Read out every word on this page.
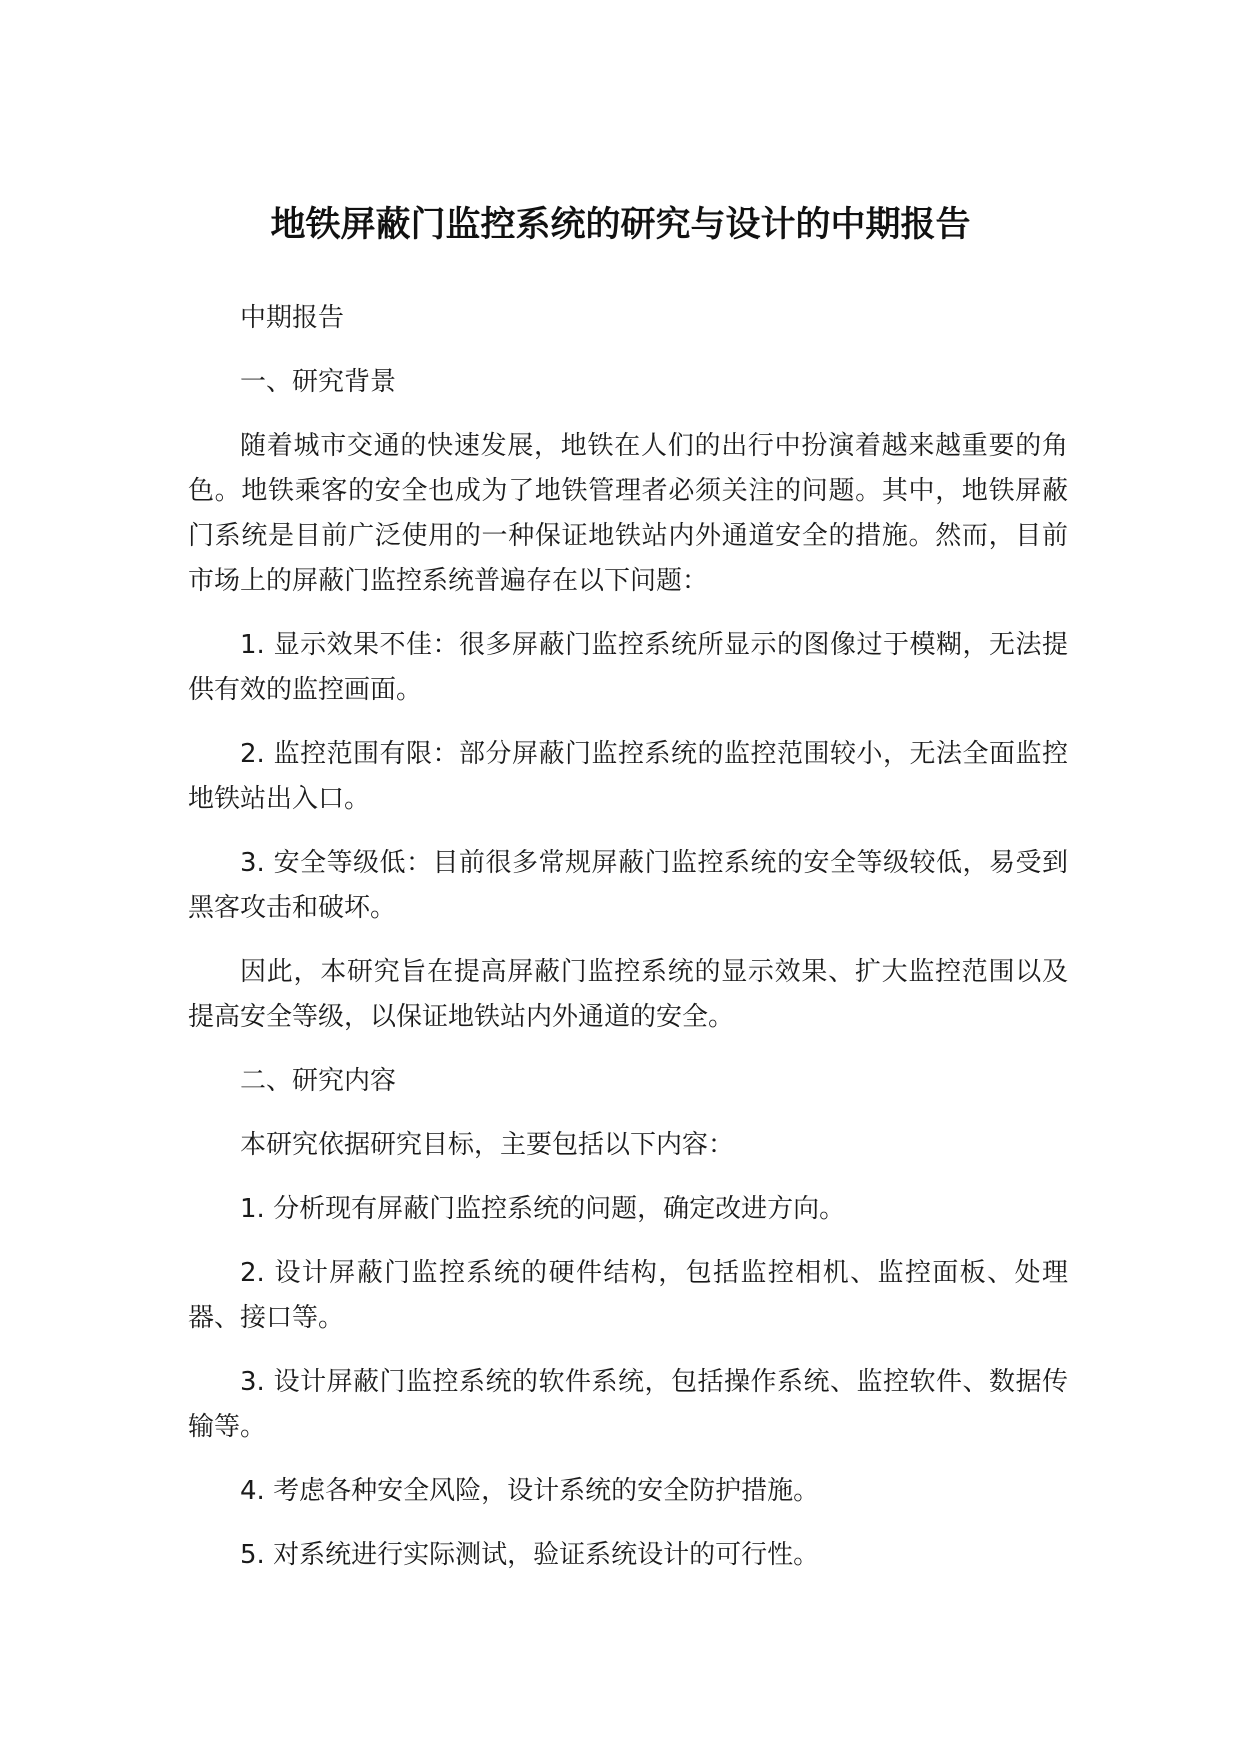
地铁屏蔽门监控系统的研究与设计的中期报告

中期报告

一、研究背景

随着城市交通的快速发展，地铁在人们的出行中扮演着越来越重要的角色。地铁乘客的安全也成为了地铁管理者必须关注的问题。其中，地铁屏蔽门系统是目前广泛使用的一种保证地铁站内外通道安全的措施。然而，目前市场上的屏蔽门监控系统普遍存在以下问题：

1. 显示效果不佳：很多屏蔽门监控系统所显示的图像过于模糊，无法提供有效的监控画面。

2. 监控范围有限：部分屏蔽门监控系统的监控范围较小，无法全面监控地铁站出入口。

3. 安全等级低：目前很多常规屏蔽门监控系统的安全等级较低，易受到黑客攻击和破坏。

因此，本研究旨在提高屏蔽门监控系统的显示效果、扩大监控范围以及提高安全等级，以保证地铁站内外通道的安全。

二、研究内容

本研究依据研究目标，主要包括以下内容：

1. 分析现有屏蔽门监控系统的问题，确定改进方向。

2. 设计屏蔽门监控系统的硬件结构，包括监控相机、监控面板、处理器、接口等。

3. 设计屏蔽门监控系统的软件系统，包括操作系统、监控软件、数据传输等。

4. 考虑各种安全风险，设计系统的安全防护措施。

5. 对系统进行实际测试，验证系统设计的可行性。
